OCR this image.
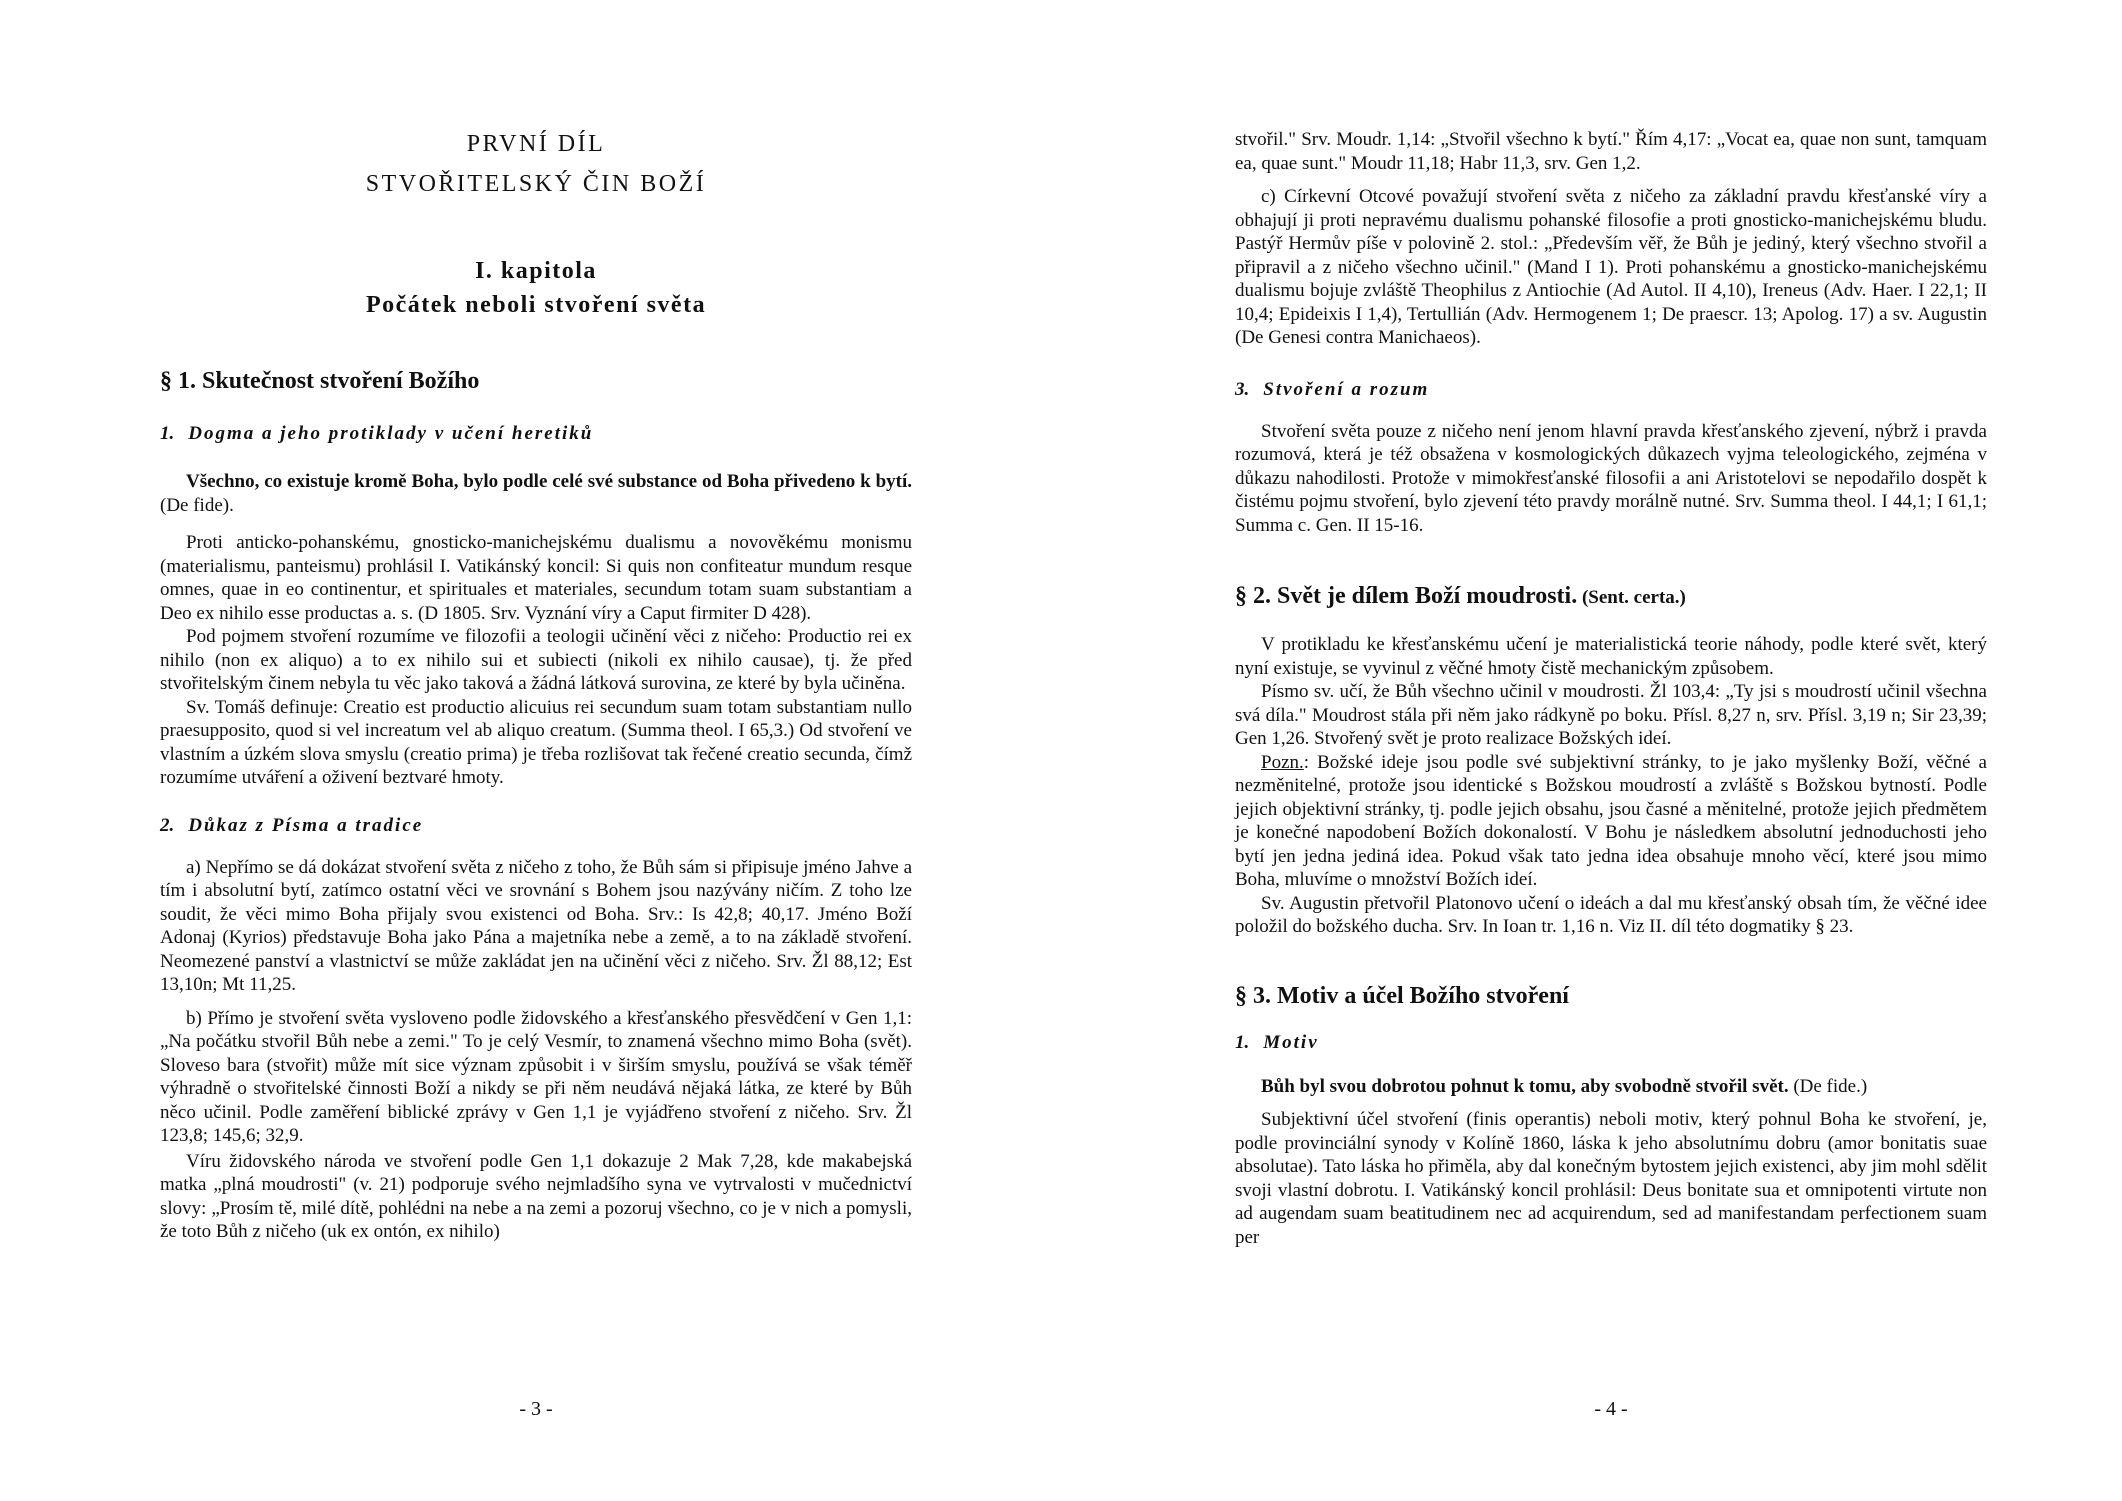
PRVNÍ DÍL
STVOŘITELSKÝ ČIN BOŽÍ
I. kapitola
Počátek neboli stvoření světa
§ 1. Skutečnost stvoření Božího
1. Dogma a jeho protiklady v učení heretiků

Všechno, co existuje kromě Boha, bylo podle celé své substance od Boha přivedeno k bytí. (De fide).

Proti anticko-pohanskému, gnosticko-manichejskému dualismu a novověkému monismu (materialismu, panteismu) prohlásil I. Vatikánský koncil: Si quis non confiteatur mundum resque omnes, quae in eo continentur, et spirituales et materiales, secundum totam suam substantiam a Deo ex nihilo esse productas a. s. (D 1805. Srv. Vyznání víry a Caput firmiter D 428).

Pod pojmem stvoření rozumíme ve filozofii a teologii učinění věci z ničeho: Productio rei ex nihilo (non ex aliquo) a to ex nihilo sui et subiecti (nikoli ex nihilo causae), tj. že před stvořitelským činem nebyla tu věc jako taková a žádná látková surovina, ze které by byla učiněna.

Sv. Tomáš definuje: Creatio est productio alicuius rei secundum suam totam substantiam nullo praesupposito, quod si vel increatum vel ab aliquo creatum. (Summa theol. I 65,3.) Od stvoření ve vlastním a úzkém slova smyslu (creatio prima) je třeba rozlišovat tak řečené creatio secunda, čímž rozumíme utváření a oživení beztvaré hmoty.

2. Důkaz z Písma a tradice

a) Nepřímo se dá dokázat stvoření světa z ničeho z toho, že Bůh sám si připisuje jméno Jahve a tím i absolutní bytí, zatímco ostatní věci ve srovnání s Bohem jsou nazývány ničím. Z toho lze soudit, že věci mimo Boha přijaly svou existenci od Boha. Srv.: Is 42,8; 40,17. Jméno Boží Adonaj (Kyrios) představuje Boha jako Pána a majetníka nebe a země, a to na základě stvoření. Neomezené panství a vlastnictví se může zakládat jen na učinění věci z ničeho. Srv. Žl 88,12; Est 13,10n; Mt 11,25.

b) Přímo je stvoření světa vysloveno podle židovského a křesťanského přesvědčení v Gen 1,1: „Na počátku stvořil Bůh nebe a zemi." To je celý Vesmír, to znamená všechno mimo Boha (svět). Sloveso bara (stvořit) může mít sice význam způsobit i v širším smyslu, používá se však téměř výhradně o stvořitelské činnosti Boží a nikdy se při něm neudává nějaká látka, ze které by Bůh něco učinil. Podle zaměření biblické zprávy v Gen 1,1 je vyjádřeno stvoření z ničeho. Srv. Žl 123,8; 145,6; 32,9.

Víru židovského národa ve stvoření podle Gen 1,1 dokazuje 2 Mak 7,28, kde makabejská matka „plná moudrosti" (v. 21) podporuje svého nejmladšího syna ve vytrvalosti v mučednictví slovy: „Prosím tě, milé dítě, pohlédni na nebe a na zemi a pozoruj všechno, co je v nich a pomysli, že toto Bůh z ničeho (uk ex ontón, ex nihilo)

- 3 -

stvořil." Srv. Moudr. 1,14: „Stvořil všechno k bytí." Řím 4,17: „Vocat ea, quae non sunt, tamquam ea, quae sunt." Moudr 11,18; Habr 11,3, srv. Gen 1,2.

c) Církevní Otcové považují stvoření světa z ničeho za základní pravdu křesťanské víry a obhajují ji proti nepravému dualismu pohanské filosofie a proti gnosticko-manichejskému bludu. Pastýř Hermův píše v polovině 2. stol.: „Především věř, že Bůh je jediný, který všechno stvořil a připravil a z ničeho všechno učinil." (Mand I 1). Proti pohanskému a gnosticko-manichejskému dualismu bojuje zvláště Theophilus z Antiochie (Ad Autol. II 4,10), Ireneus (Adv. Haer. I 22,1; II 10,4; Epideixis I 1,4), Tertullián (Adv. Hermogenem 1; De praescr. 13; Apolog. 17) a sv. Augustin (De Genesi contra Manichaeos).

3. Stvoření a rozum

Stvoření světa pouze z ničeho není jenom hlavní pravda křesťanského zjevení, nýbrž i pravda rozumová, která je též obsažena v kosmologických důkazech vyjma teleologického, zejména v důkazu nahodilosti. Protože v mimokřesťanské filosofii a ani Aristotelovi se nepodařilo dospět k čistému pojmu stvoření, bylo zjevení této pravdy morálně nutné. Srv. Summa theol. I 44,1; I 61,1; Summa c. Gen. II 15-16.

§ 2. Svět je dílem Boží moudrosti. (Sent. certa.)

V protikladu ke křesťanskému učení je materialistická teorie náhody, podle které svět, který nyní existuje, se vyvinul z věčné hmoty čistě mechanickým způsobem.

Písmo sv. učí, že Bůh všechno učinil v moudrosti. Žl 103,4: „Ty jsi s moudrostí učinil všechna svá díla." Moudrost stála při něm jako rádkyně po boku. Přísl. 8,27 n, srv. Přísl. 3,19 n; Sir 23,39; Gen 1,26. Stvořený svět je proto realizace Božských ideí.

Pozn.: Božské ideje jsou podle své subjektivní stránky, to je jako myšlenky Boží, věčné a nezměnitelné, protože jsou identické s Božskou moudrostí a zvláště s Božskou bytností. Podle jejich objektivní stránky, tj. podle jejich obsahu, jsou časné a měnitelné, protože jejich předmětem je konečné napodobení Božích dokonalostí. V Bohu je následkem absolutní jednoduchosti jeho bytí jen jedna jediná idea. Pokud však tato jedna idea obsahuje mnoho věcí, které jsou mimo Boha, mluvíme o množství Božích ideí.

Sv. Augustin přetvořil Platonovo učení o ideách a dal mu křesťanský obsah tím, že věčné idee položil do božského ducha. Srv. In Ioan tr. 1,16 n. Viz II. díl této dogmatiky § 23.

§ 3. Motiv a účel Božího stvoření
1. Motiv

Bůh byl svou dobrotou pohnut k tomu, aby svobodně stvořil svět. (De fide.)

Subjektivní účel stvoření (finis operantis) neboli motiv, který pohnul Boha ke stvoření, je, podle provinciální synody v Kolíně 1860, láska k jeho absolutnímu dobru (amor bonitatis suae absolutae). Tato láska ho přiměla, aby dal konečným bytostem jejich existenci, aby jim mohl sdělit svoji vlastní dobrotu. I. Vatikánský koncil prohlásil: Deus bonitate sua et omnipotenti virtute non ad augendam suam beatitudinem nec ad acquirendum, sed ad manifestandam perfectionem suam per

- 4 -
